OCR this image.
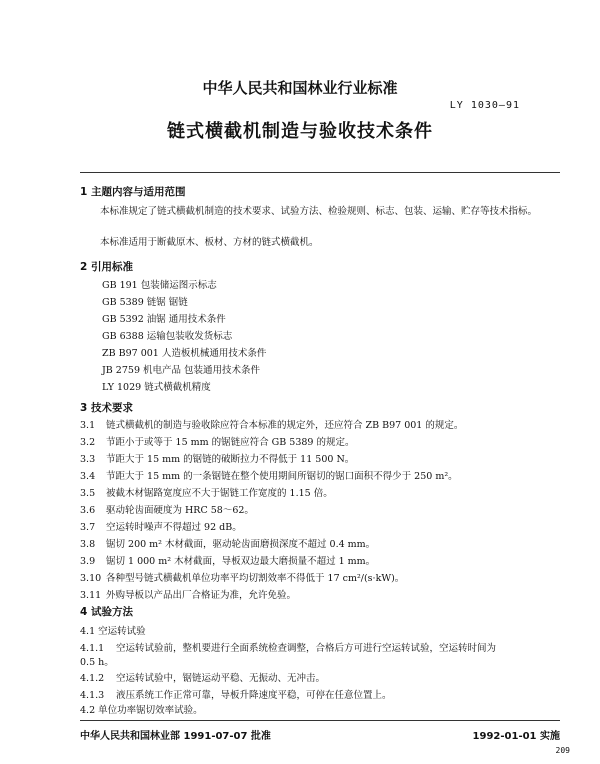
中华人民共和国林业行业标准
LY 1030—91
链式横截机制造与验收技术条件
1 主题内容与适用范围
本标准规定了链式横截机制造的技术要求、试验方法、检验规则、标志、包装、运输、贮存等技术指标。
本标准适用于断截原木、板材、方材的链式横截机。
2 引用标准
GB 191 包装储运图示标志
GB 5389 链锯 锯链
GB 5392 油锯 通用技术条件
GB 6388 运输包装收发货标志
ZB B97 001 人造板机械通用技术条件
JB 2759 机电产品 包装通用技术条件
LY 1029 链式横截机精度
3 技术要求
3.1	链式横截机的制造与验收除应符合本标准的规定外，还应符合 ZB B97 001 的规定。
3.2	节距小于或等于 15 mm 的锯链应符合 GB 5389 的规定。
3.3	节距大于 15 mm 的锯链的破断拉力不得低于 11 500 N。
3.4	节距大于 15 mm 的一条锯链在整个使用期间所锯切的锯口面积不得少于 250 m²。
3.5	被截木材锯路宽度应不大于锯链工作宽度的 1.15 倍。
3.6	驱动轮齿面硬度为 HRC 58～62。
3.7	空运转时噪声不得超过 92 dB。
3.8	锯切 200 m² 木材截面，驱动轮齿面磨损深度不超过 0.4 mm。
3.9	锯切 1 000 m² 木材截面，导板双边最大磨损量不超过 1 mm。
3.10 各种型号链式横截机单位功率平均切割效率不得低于 17 cm²/(s·kW)。
3.11 外购导板以产品出厂合格证为准，允许免验。
4 试验方法
4.1 空运转试验
4.1.1 空运转试验前，整机要进行全面系统检查调整，合格后方可进行空运转试验，空运转时间为
0.5 h。
4.1.2 空运转试验中，锯链运动平稳、无振动、无冲击。
4.1.3 液压系统工作正常可靠，导板升降速度平稳，可停在任意位置上。
4.2 单位功率锯切效率试验。
中华人民共和国林业部 1991-07-07 批准	1992-01-01 实施
209
